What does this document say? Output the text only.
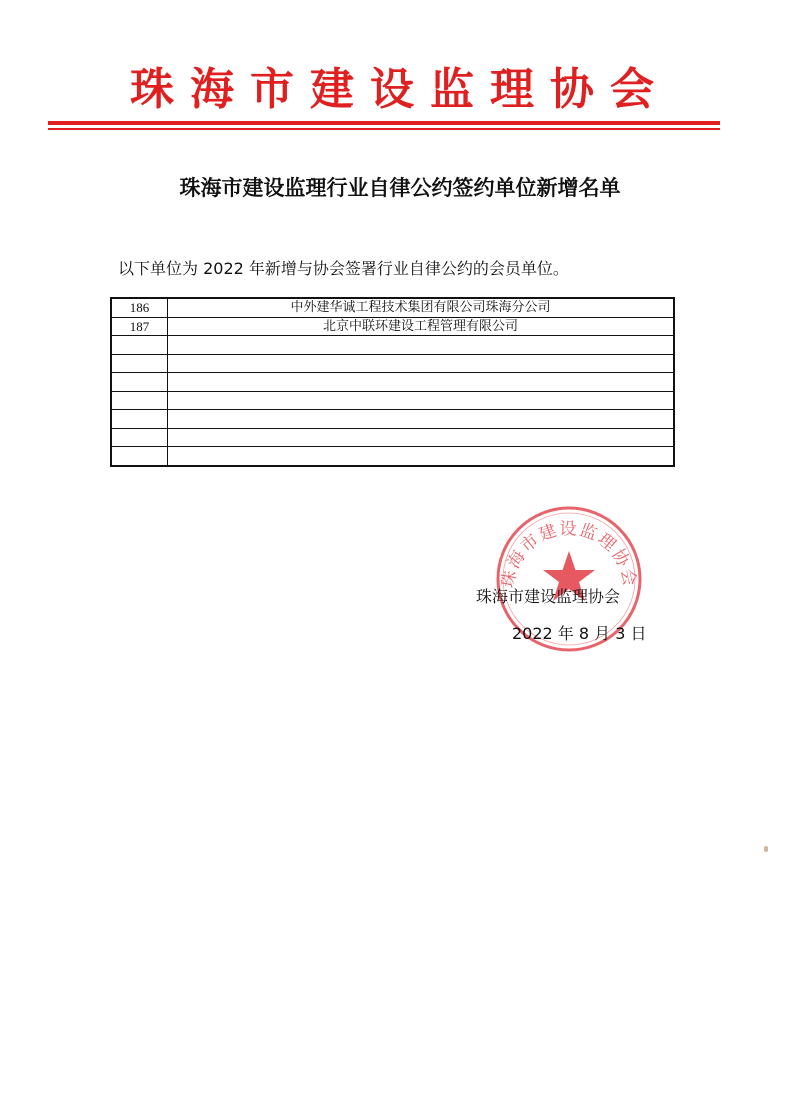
珠海市建设监理协会
珠海市建设监理行业自律公约签约单位新增名单
以下单位为 2022 年新增与协会签署行业自律公约的会员单位。
186	中外建华诚工程技术集团有限公司珠海分公司
187	北京中联环建设工程管理有限公司

珠海市建设监理协会
珠海市建设监理协会
2022 年 8 月 3 日
